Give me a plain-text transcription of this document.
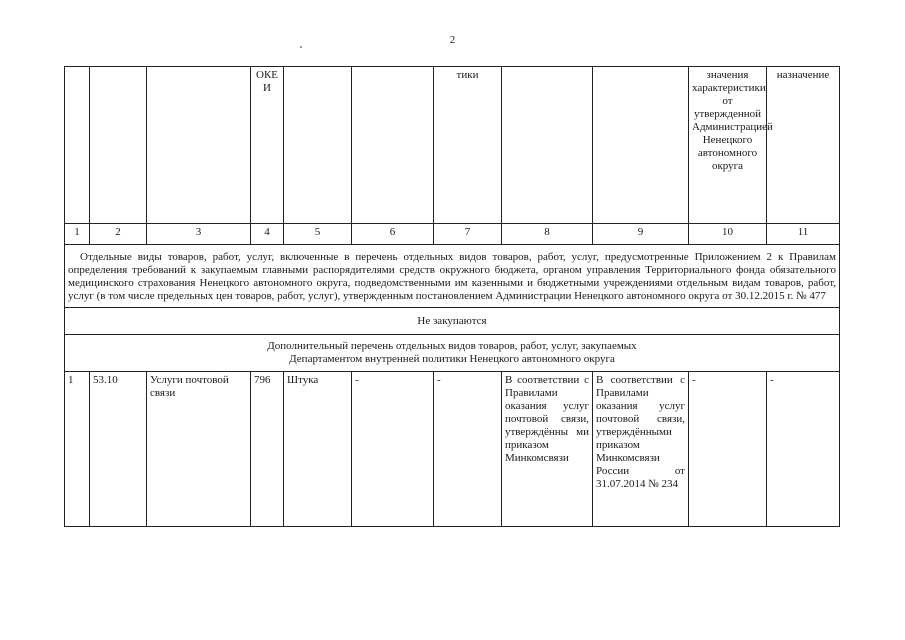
2
			ОКЕИ			тики			значения характеристики от утвержденной Администрацией Ненецкого автономного округа	назначение
1	2	3	4	5	6	7	8	9	10	11
Отдельные виды товаров, работ, услуг, включенные в перечень отдельных видов товаров, работ, услуг, предусмотренные Приложением 2 к Правилам определения требований к закупаемым главными распорядителями средств окружного бюджета, органом управления Территориального фонда обязательного медицинского страхования Ненецкого автономного округа, подведомственными им казенными и бюджетными учреждениями отдельным видам товаров, работ, услуг (в том числе предельных цен товаров, работ, услуг), утвержденным постановлением Администрации Ненецкого автономного округа от 30.12.2015 г. № 477										
Не закупаются										

Дополнительный перечень отдельных видов товаров, работ, услуг, закупаемых
Департаментом внутренней политики Ненецкого автономного округа										

1	53.10	Услуги почтовой связи	796	Штука	-	-	В соответствии с Правилами оказания услуг почтовой связи, утверждённы ми приказом Минкомсвязи	В соответствии с Правилами оказания услуг почтовой связи, утверждёнными приказом Минкомсвязи России от 31.07.2014 № 234	-	-
